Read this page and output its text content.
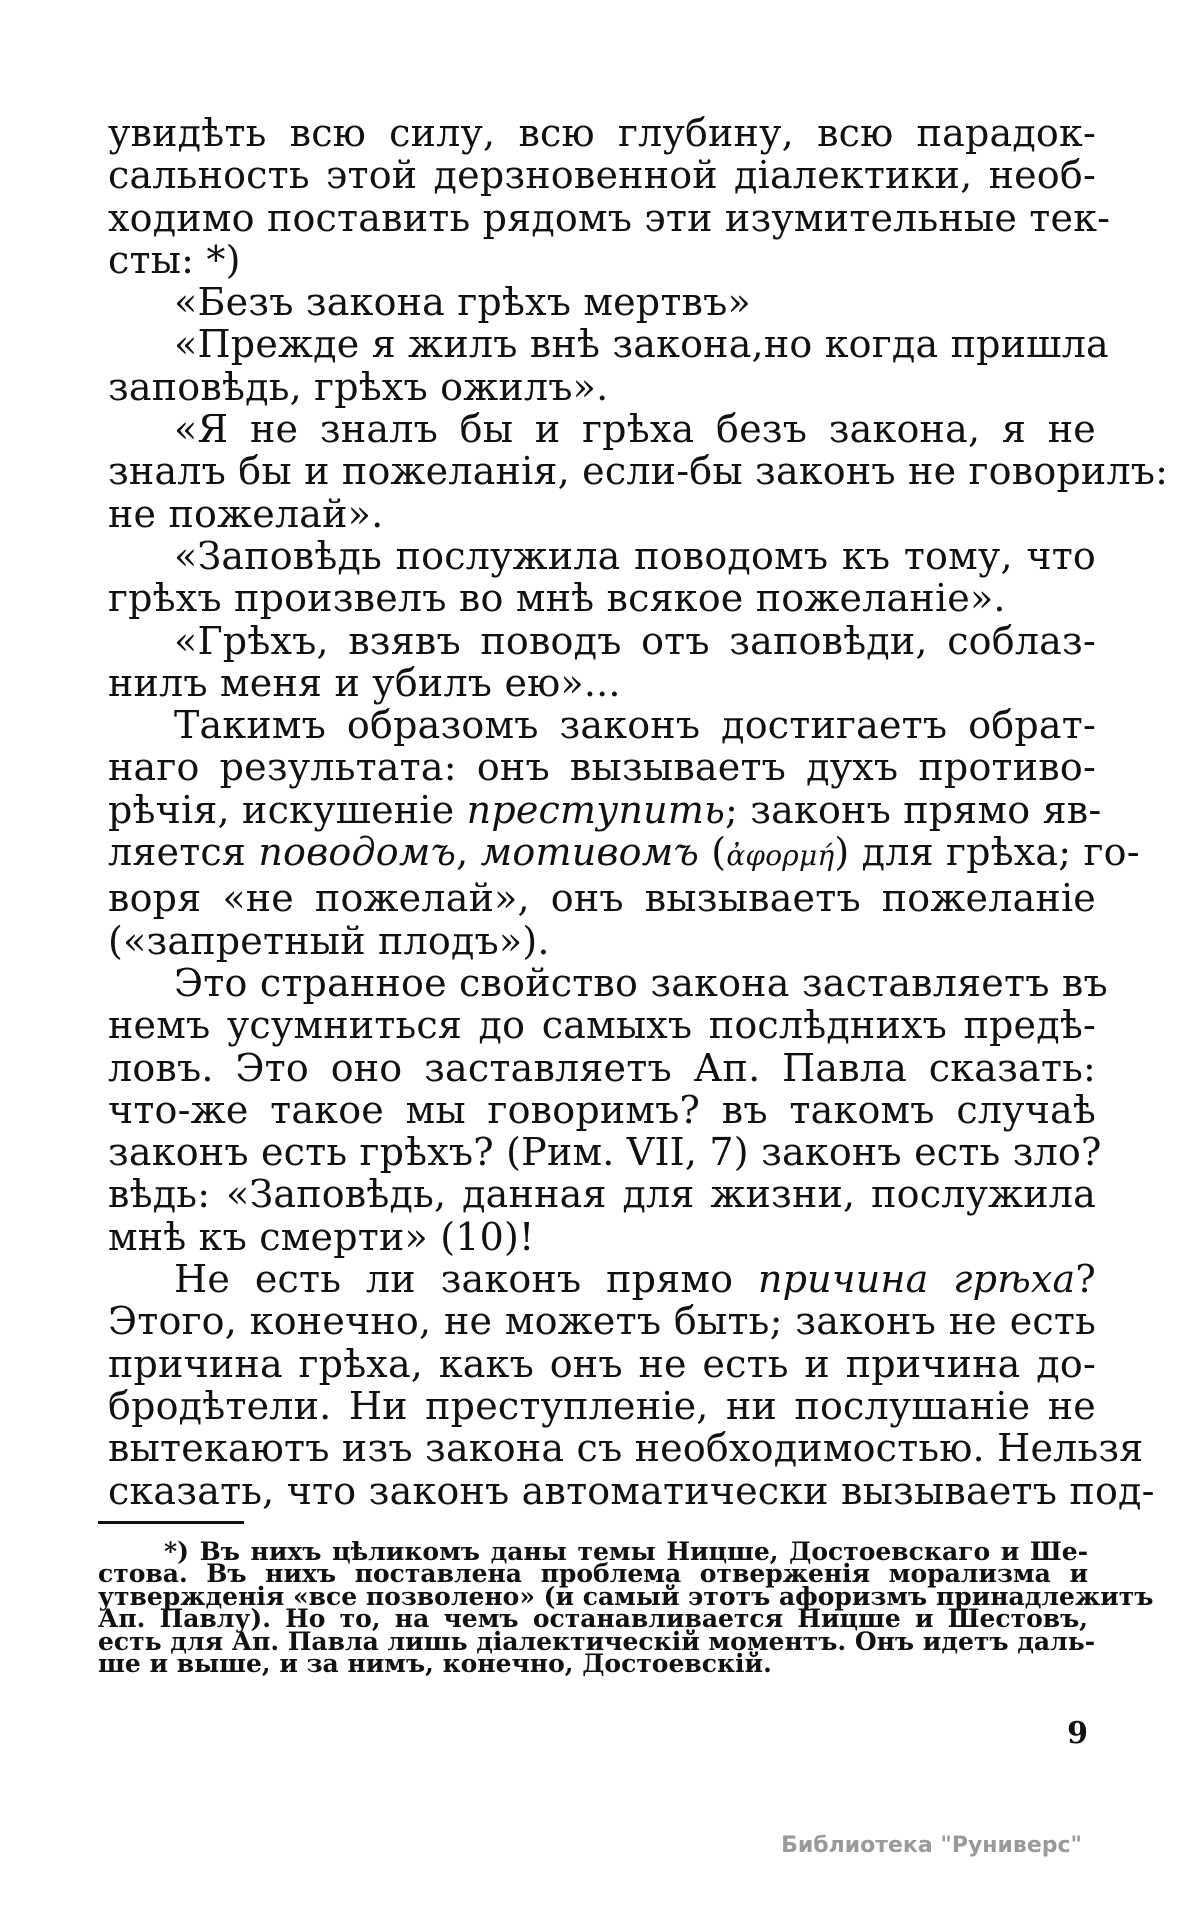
увидѣть всю силу, всю глубину, всю парадок-
сальность этой дерзновенной діалектики, необ-
ходимо поставить рядомъ эти изумительные тек-
сты: *)
«Безъ закона грѣхъ мертвъ»
«Прежде я жилъ внѣ закона,но когда пришла
заповѣдь, грѣхъ ожилъ».
«Я не зналъ бы и грѣха безъ закона, я не
зналъ бы и пожеланія, если-бы законъ не говорилъ:
не пожелай».
«Заповѣдь послужила поводомъ къ тому, что
грѣхъ произвелъ во мнѣ всякое пожеланіе».
«Грѣхъ, взявъ поводъ отъ заповѣди, соблаз-
нилъ меня и убилъ ею»...
Такимъ образомъ законъ достигаетъ обрат-
наго результата: онъ вызываетъ духъ противо-
рѣчія, искушеніе преступить; законъ прямо яв-
ляется поводомъ, мотивомъ (ἀφορμή) для грѣха; го-
воря «не пожелай», онъ вызываетъ пожеланіе
(«запретный плодъ»).
Это странное свойство закона заставляетъ въ
немъ усумниться до самыхъ послѣднихъ предѣ-
ловъ. Это оно заставляетъ Ап. Павла сказать:
что-же такое мы говоримъ? въ такомъ случаѣ
законъ есть грѣхъ? (Рим. VII, 7) законъ есть зло?
вѣдь: «Заповѣдь, данная для жизни, послужила
мнѣ къ смерти» (10)!
Не есть ли законъ прямо причина грѣха?
Этого, конечно, не можетъ быть; законъ не есть
причина грѣха, какъ онъ не есть и причина до-
бродѣтели. Ни преступленіе, ни послушаніе не
вытекаютъ изъ закона съ необходимостью. Нельзя
сказать, что законъ автоматически вызываетъ под-
*) Въ нихъ цѣликомъ даны темы Ницше, Достоевскаго и Ше-
стова. Въ нихъ поставлена проблема отверженія морализма и
утвержденія «все позволено» (и самый этотъ афоризмъ принадлежитъ
Ап. Павлу). Но то, на чемъ останавливается Ницше и Шестовъ,
есть для Ап. Павла лишь діалектическій моментъ. Онъ идетъ даль-
ше и выше, и за нимъ, конечно, Достоевскій.
9
Библиотека "Руниверс"
